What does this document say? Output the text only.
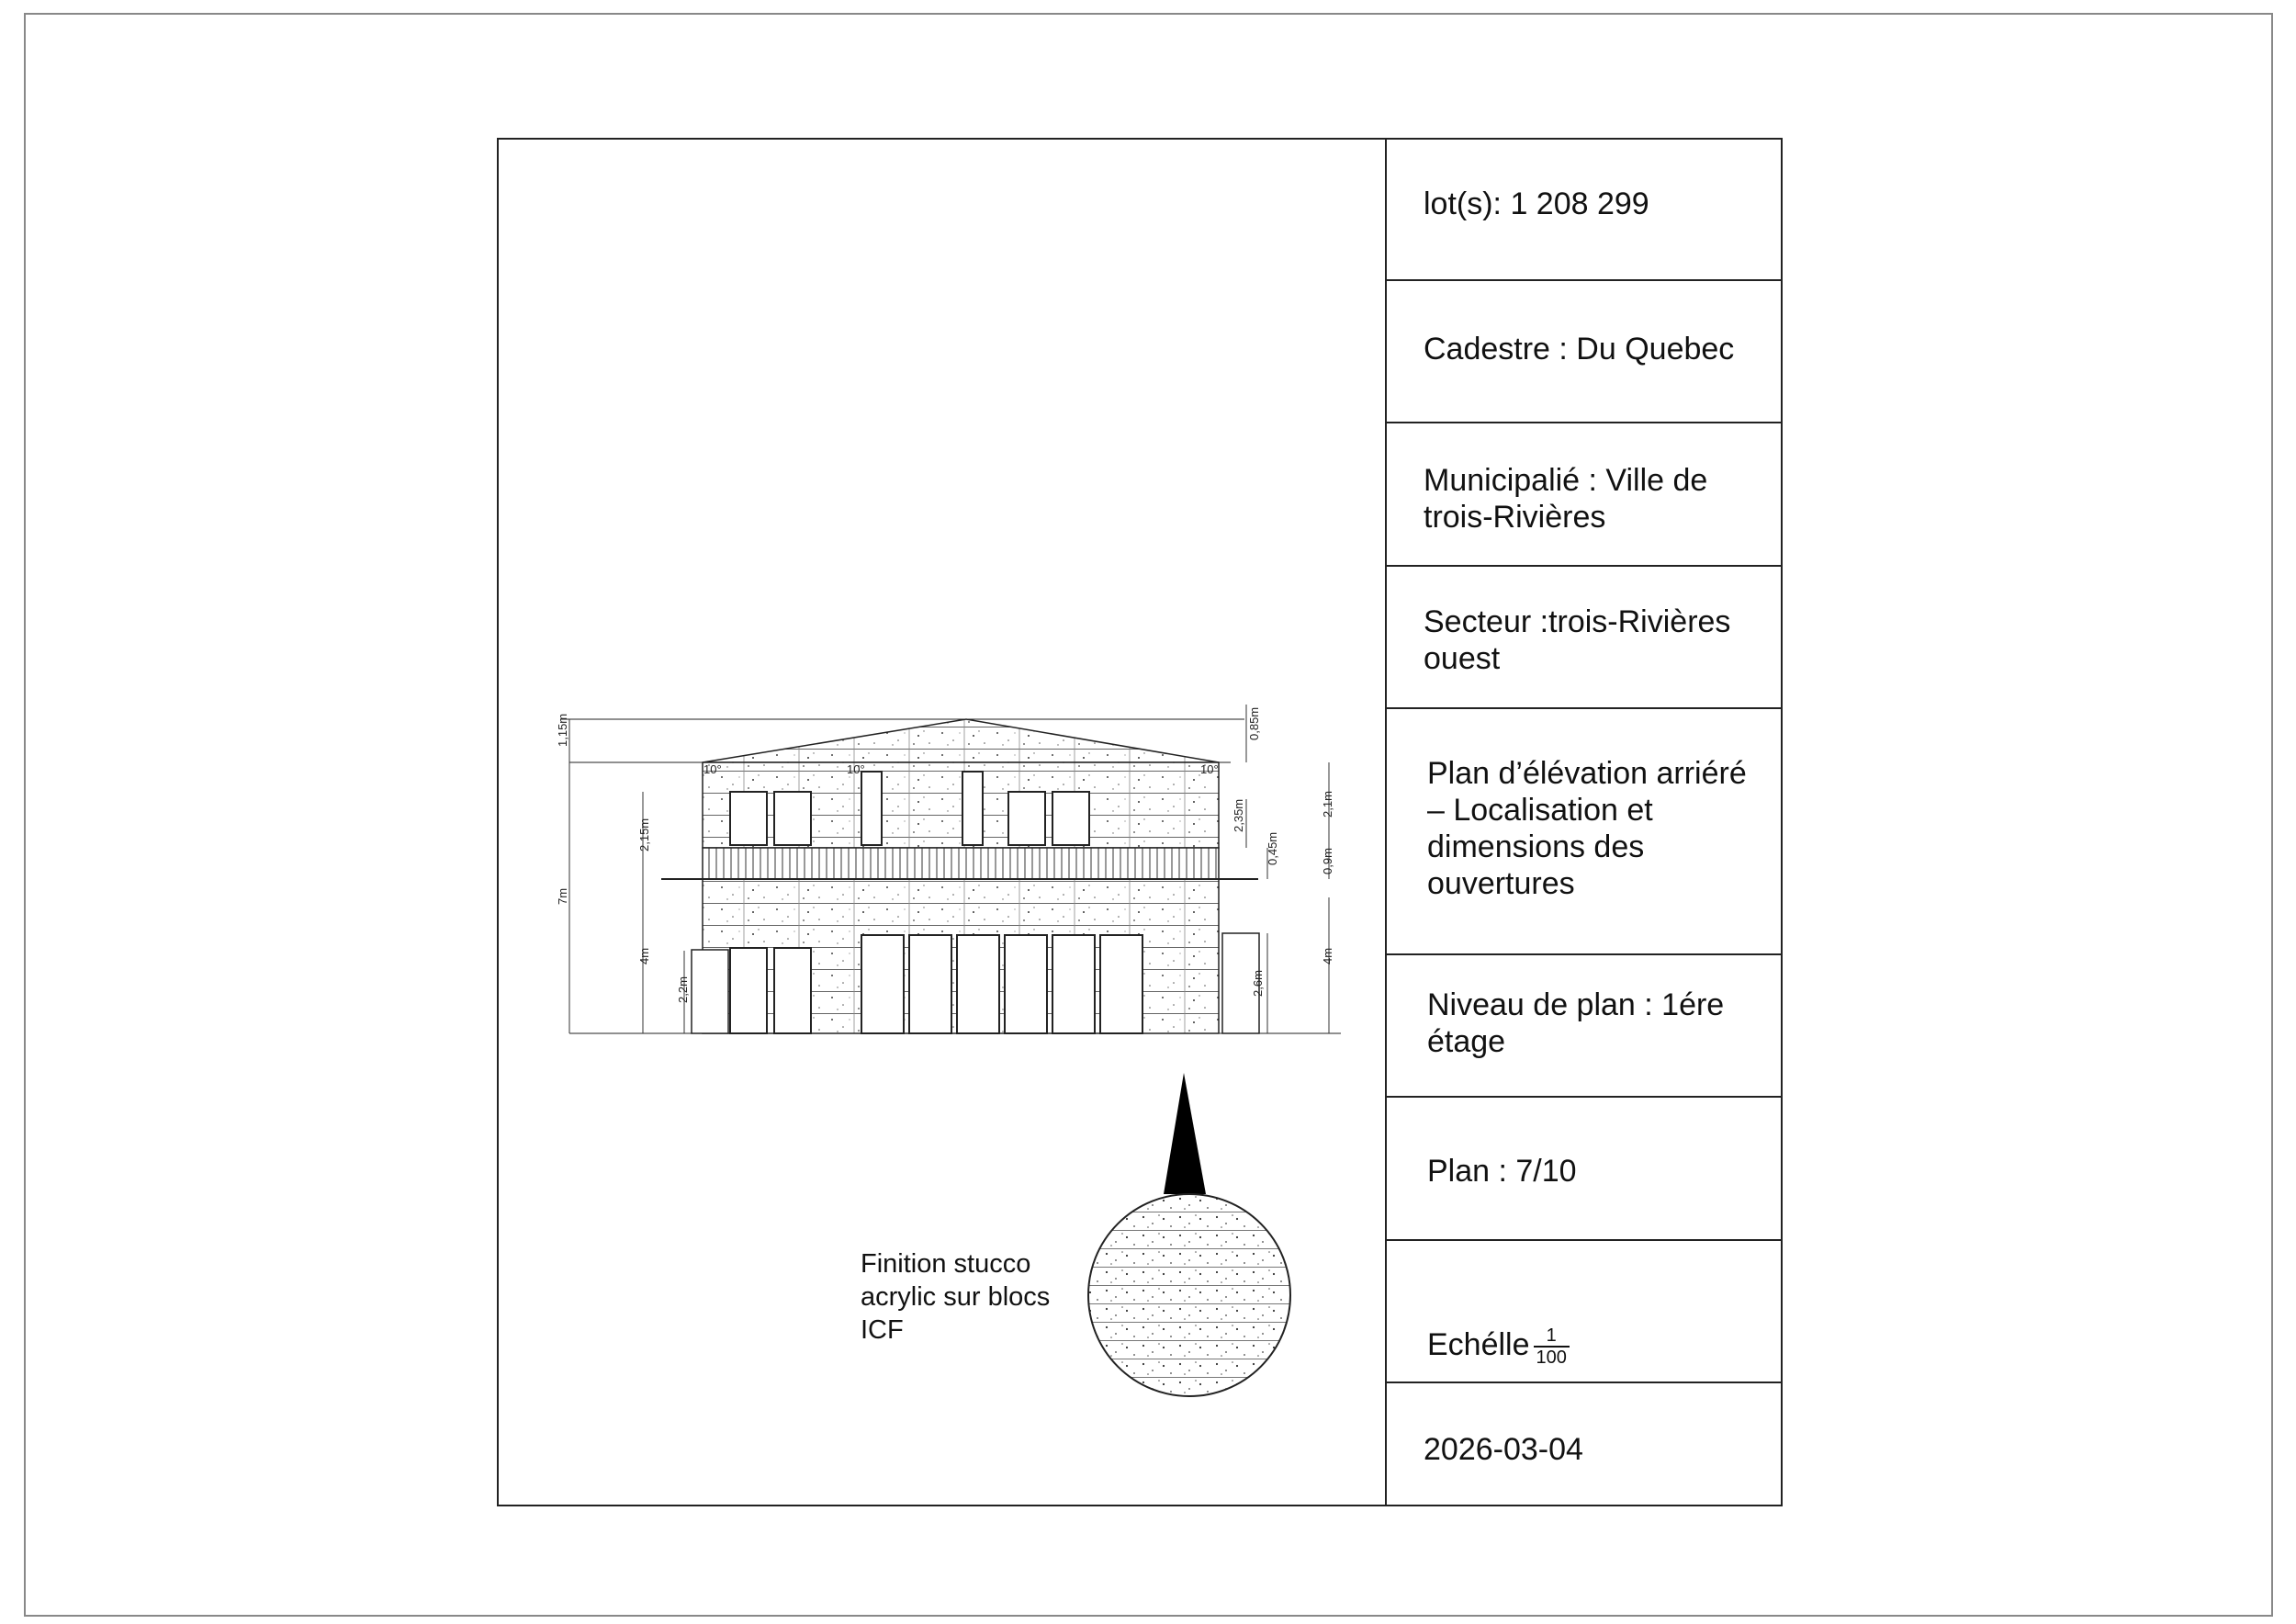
lot(s): 1 208 299
Cadestre : Du Quebec
Municipalié : Ville de
trois-Rivières
Secteur :trois-Rivières
ouest
Plan d’élévation arriéré
– Localisation et
dimensions des
ouvertures
Niveau de plan : 1ére
étage
Plan : 7/10

Echélle $\frac{1}{100}$

2026-03-04
1,15m
7m
2,15m
4m
2,2m
0,85m
2,35m
0,45m
2,1m
0,9m
4m
2,6m
10°	10°	10°
Finition stucco
acrylic sur blocs
ICF
